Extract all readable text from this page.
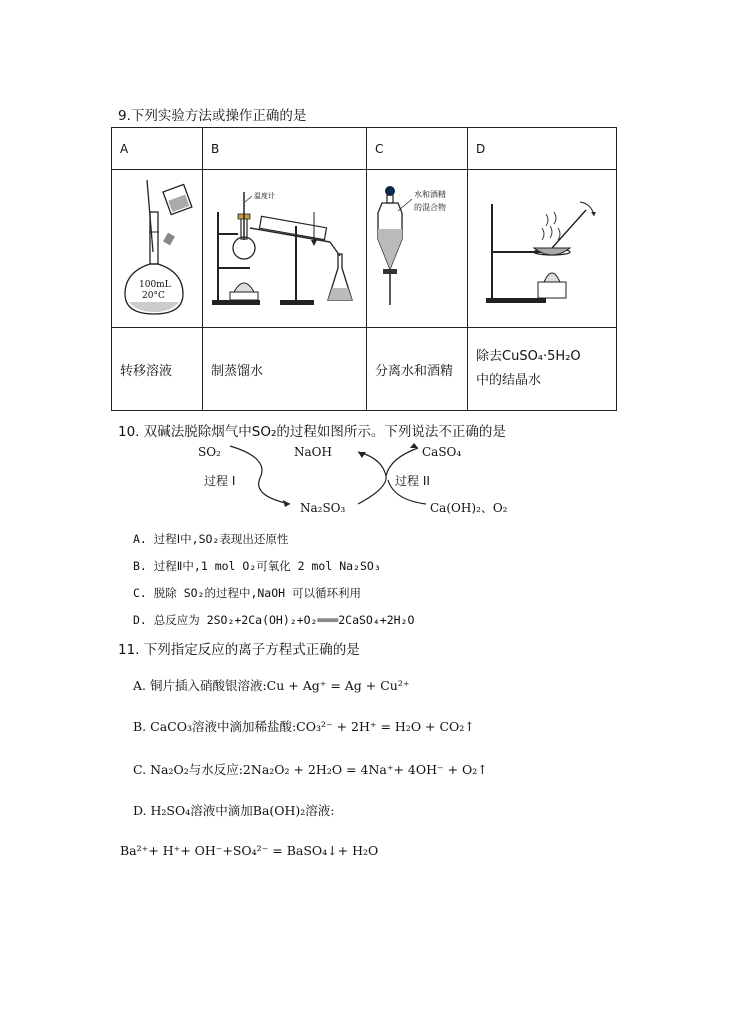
9.下列实验方法或操作正确的是
A	B	C	D

100mL
20°C	温度计	水和酒精
的混合物

转移溶液	制蒸馏水	分离水和酒精	除去CuSO₄·5H₂O
中的结晶水
10. 双碱法脱除烟气中SO₂的过程如图所示。下列说法不正确的是
SO₂	NaOH	CaSO₄
过程 I	过程 II
Na₂SO₃	Ca(OH)₂、O₂
A. 过程Ⅰ中,SO₂表现出还原性
B. 过程Ⅱ中,1 mol O₂可氧化 2 mol Na₂SO₃
C. 脱除 SO₂的过程中,NaOH 可以循环利用
D. 总反应为 2SO₂+2Ca(OH)₂+O₂═══2CaSO₄+2H₂O
11. 下列指定反应的离子方程式正确的是
A. 铜片插入硝酸银溶液:Cu + Ag⁺ = Ag + Cu²⁺
B. CaCO₃溶液中滴加稀盐酸:CO₃²⁻ + 2H⁺ = H₂O + CO₂↑
C. Na₂O₂与水反应:2Na₂O₂ + 2H₂O = 4Na⁺+ 4OH⁻ + O₂↑
D. H₂SO₄溶液中滴加Ba(OH)₂溶液:
Ba²⁺+ H⁺+ OH⁻+SO₄²⁻ = BaSO₄↓+ H₂O
